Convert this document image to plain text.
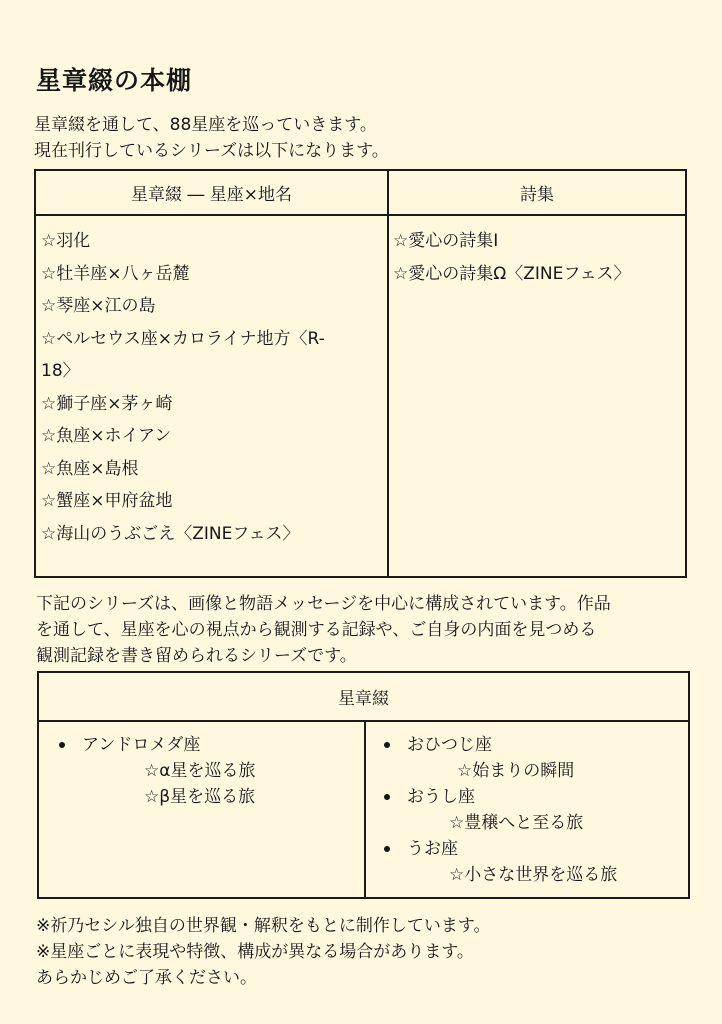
星章綴の本棚
星章綴を通して、88星座を巡っていきます。
現在刊行しているシリーズは以下になります。
星章綴 ― 星座×地名	詩集
☆羽化
☆牡羊座×八ヶ岳麓
☆琴座×江の島
☆ペルセウス座×カロライナ地方〈R-
18〉
☆獅子座×茅ヶ崎
☆魚座×ホイアン
☆魚座×島根
☆蟹座×甲府盆地
☆海山のうぶごえ〈ZINEフェス〉
☆愛心の詩集Ⅰ
☆愛心の詩集Ω〈ZINEフェス〉
下記のシリーズは、画像と物語メッセージを中心に構成されています。作品
を通して、星座を心の視点から観測する記録や、ご自身の内面を見つめる
観測記録を書き留められるシリーズです。
星章綴
アンドロメダ座
☆α星を巡る旅
☆β星を巡る旅
おひつじ座
☆始まりの瞬間
おうし座
☆豊穣へと至る旅
うお座
☆小さな世界を巡る旅
※祈乃セシル独自の世界観・解釈をもとに制作しています。
※星座ごとに表現や特徴、構成が異なる場合があります。
あらかじめご了承ください。
